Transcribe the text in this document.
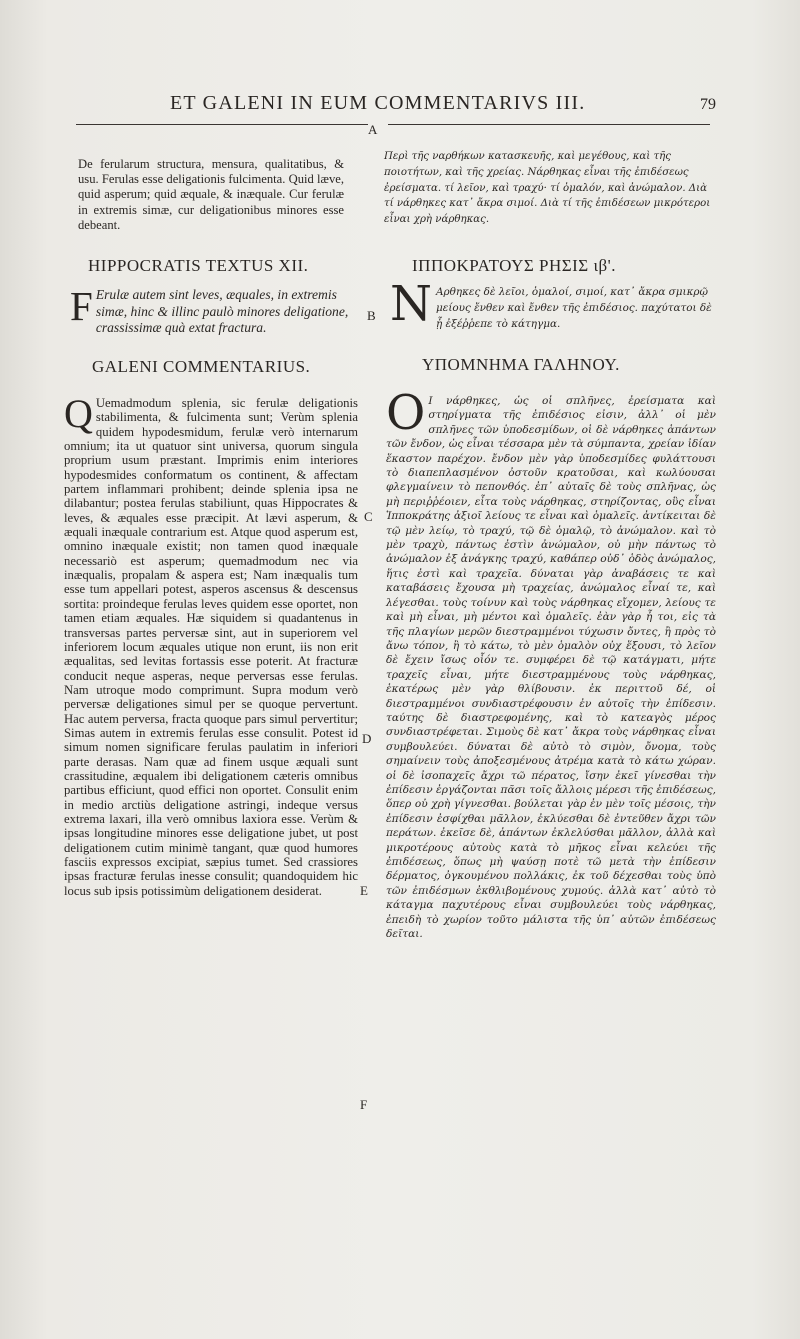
ET GALENI IN EUM COMMENTARIVS III.	79
A
B
C
D
E
F
De ferularum structura, mensura, qualitatibus, & usu. Ferulas esse deligationis fulcimenta. Quid læve, quid asperum; quid æquale, & inæquale. Cur ferulæ in extremis simæ, cur deligationibus minores esse debeant.
HIPPOCRATIS TEXTUS XII.
F Erulæ autem sint leves, æquales, in extremis simæ, hinc & illinc paulò minores deligatione, crassissimæ quà extat fractura.
GALENI COMMENTARIUS.
Q Uemadmodum splenia, sic ferulæ deligationis stabilimenta, & fulcimenta sunt; Verùm splenia quidem hypodesmidum, ferulæ verò internarum omnium; ita ut quatuor sint universa, quorum singula proprium usum præstant. Imprimis enim interiores hypodesmides conformatum os continent, & affectam partem inflammari prohibent; deinde splenia ipsa ne dilabantur; postea ferulas stabiliunt, quas Hippocrates & leves, & æquales esse præcipit. At lævi asperum, & æquali inæquale contrarium est. Atque quod asperum est, omnino inæquale existit; non tamen quod inæquale necessariò est asperum; quemadmodum nec via inæqualis, propalam & aspera est; Nam inæqualis tum esse tum appellari potest, asperos ascensus & descensus sortita: proindeque ferulas leves quidem esse oportet, non tamen etiam æquales. Hæ siquidem si quadantenus in transversas partes perversæ sint, aut in superiorem vel inferiorem locum æquales utique non erunt, iis non erit æqualitas, sed levitas fortassis esse poterit. At fracturæ conducit neque asperas, neque perversas esse ferulas. Nam utroque modo comprimunt. Supra modum verò perversæ deligationes simul per se quoque pervertunt. Hac autem perversa, fracta quoque pars simul pervertitur; Simas autem in extremis ferulas esse consulit. Potest id simum nomen significare ferulas paulatim in inferiori parte derasas. Nam quæ ad finem usque æquali sunt crassitudine, æqualem ibi deligationem cæteris omnibus partibus efficiunt, quod effici non oportet. Consulit enim in medio arctiùs deligatione astringi, indeque versus extrema laxari, illa verò omnibus laxiora esse. Verùm & ipsas longitudine minores esse deligatione jubet, ut post deligationem cutim minimè tangant, quæ quod humores fasciis expressos excipiat, sæpius tumet. Sed crassiores ipsas fracturæ ferulas inesse consulit; quandoquidem hic locus sub ipsis potissimùm deligationem desiderat.
Περὶ τῆς ναρθήκων κατασκευῆς, καὶ μεγέθους, καὶ τῆς ποιοτήτων, καὶ τῆς χρείας. Νάρθηκας εἶναι τῆς ἐπιδέσεως ἐρείσματα. τί λεῖον, καὶ τραχύ· τί ὁμαλόν, καὶ ἀνώμαλον. Διὰ τί νάρθηκες κατ᾽ ἄκρα σιμοί. Διὰ τί τῆς ἐπιδέσεων μικρότεροι εἶναι χρὴ νάρθηκας.
ΙΠΠΟΚΡΑΤΟΥΣ ΡΗΣΙΣ ιβ'.
N Αρθηκες δὲ λεῖοι, ὁμαλοί, σιμοί, κατ᾽ ἄκρα σμικρῷ μείους ἔνθεν καὶ ἔνθεν τῆς ἐπιδέσιος. παχύτατοι δὲ ᾗ ἐξέῤῥεπε τὸ κάτηγμα.
ΥΠΟΜΝΗΜΑ ΓΑΛΗΝΟΥ.
Ο Ι νάρθηκες, ὡς οἱ σπλῆνες, ἐρείσματα καὶ στηρίγματα τῆς ἐπιδέσιος εἰσιν, ἀλλ᾽ οἱ μὲν σπλῆνες τῶν ὑποδεσμίδων, οἱ δὲ νάρθηκες ἁπάντων τῶν ἔνδον, ὡς εἶναι τέσσαρα μὲν τὰ σύμπαντα, χρείαν ἰδίαν ἕκαστον παρέχον. ἔνδον μὲν γὰρ ὑποδεσμίδες φυλάττουσι τὸ διαπεπλασμένον ὀστοῦν κρατοῦσαι, καὶ κωλύουσαι φλεγμαίνειν τὸ πεπονθός. ἐπ᾽ αὐταῖς δὲ τοὺς σπλῆνας, ὡς μὴ περιῤῥέοιεν, εἶτα τοὺς νάρθηκας, στηρίζοντας, οὓς εἶναι Ἱπποκράτης ἀξιοῖ λείους τε εἶναι καὶ ὁμαλεῖς. ἀντίκειται δὲ τῷ μὲν λείῳ, τὸ τραχύ, τῷ δὲ ὁμαλῷ, τὸ ἀνώμαλον. καὶ τὸ μὲν τραχὺ, πάντως ἐστὶν ἀνώμαλον, οὐ μὴν πάντως τὸ ἀνώμαλον ἐξ ἀνάγκης τραχύ, καθάπερ οὐδ᾽ ὁδὸς ἀνώμαλος, ἥτις ἐστὶ καὶ τραχεῖα. δύναται γὰρ ἀναβάσεις τε καὶ καταβάσεις ἔχουσα μὴ τραχείας, ἀνώμαλος εἶναί τε, καὶ λέγεσθαι. τοὺς τοίνυν καὶ τοὺς νάρθηκας εἴχομεν, λείους τε καὶ μὴ εἶναι, μὴ μέντοι καὶ ὁμαλεῖς. ἐὰν γὰρ ἦ τοι, εἰς τὰ τῆς πλαγίων μερῶν διεστραμμένοι τύχωσιν ὄντες, ἢ πρὸς τὸ ἄνω τόπον, ἢ τὸ κάτω, τὸ μὲν ὁμαλὸν οὐχ ἕξουσι, τὸ λεῖον δὲ ἔχειν ἴσως οἷόν τε. συμφέρει δὲ τῷ κατάγματι, μήτε τραχεῖς εἶναι, μήτε διεστραμμένους τοὺς νάρθηκας, ἑκατέρως μὲν γὰρ θλίβουσιν. ἐκ περιττοῦ δέ, οἱ διεστραμμένοι συνδιαστρέφουσιν ἐν αὐτοῖς τὴν ἐπίδεσιν. ταύτης δὲ διαστρεφομένης, καὶ τὸ κατεαγὸς μέρος συνδιαστρέφεται. Σιμοὺς δὲ κατ᾽ ἄκρα τοὺς νάρθηκας εἶναι συμβουλεύει. δύναται δὲ αὐτὸ τὸ σιμὸν, ὄνομα, τοὺς σημαίνειν τοὺς ἀποξεσμένους ἀτρέμα κατὰ τὸ κάτω χώραν. οἱ δὲ ἰσοπαχεῖς ἄχρι τῶ πέρατος, ἴσην ἐκεῖ γίνεσθαι τὴν ἐπίδεσιν ἐργάζονται πᾶσι τοῖς ἄλλοις μέρεσι τῆς ἐπιδέσεως, ὅπερ οὐ χρὴ γίγνεσθαι. βούλεται γὰρ ἐν μὲν τοῖς μέσοις, τὴν ἐπίδεσιν ἐσφίχθαι μᾶλλον, ἐκλύεσθαι δὲ ἐντεῦθεν ἄχρι τῶν περάτων. ἐκεῖσε δὲ, ἁπάντων ἐκλελύσθαι μᾶλλον, ἀλλὰ καὶ μικροτέρους αὐτοὺς κατὰ τὸ μῆκος εἶναι κελεύει τῆς ἐπιδέσεως, ὅπως μὴ ψαύσῃ ποτὲ τῶ μετὰ τὴν ἐπίδεσιν δέρματος, ὀγκουμένου πολλάκις, ἐκ τοῦ δέχεσθαι τοὺς ὑπὸ τῶν ἐπιδέσμων ἐκθλιβομένους χυμούς. ἀλλὰ κατ᾽ αὐτὸ τὸ κάταγμα παχυτέρους εἶναι συμβουλεύει τοὺς νάρθηκας, ἐπειδὴ τὸ χωρίον τοῦτο μάλιστα τῆς ὑπ᾽ αὐτῶν ἐπιδέσεως δεῖται.
